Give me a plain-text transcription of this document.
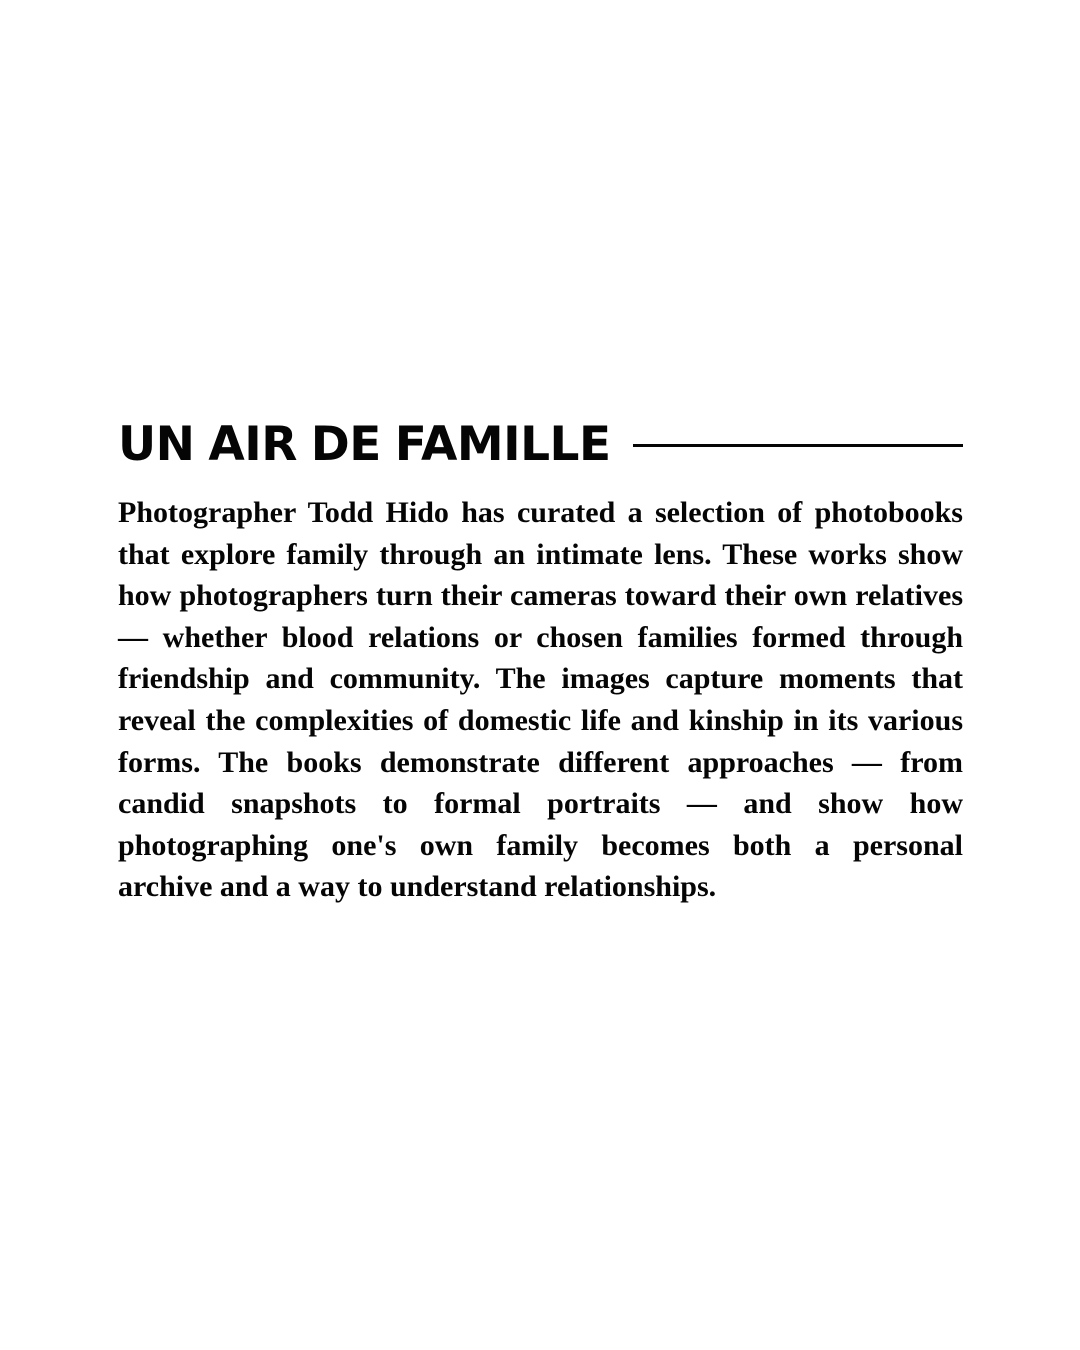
UN AIR DE FAMILLE
Photographer Todd Hido has curated a selection of photobooks
that explore family through an intimate lens. These works show
how photographers turn their cameras toward their own relatives
— whether blood relations or chosen families formed through
friendship and community. The images capture moments that
reveal the complexities of domestic life and kinship in its various
forms. The books demonstrate different approaches — from
candid snapshots to formal portraits — and show how
photographing one's own family becomes both a personal
archive and a way to understand relationships.
